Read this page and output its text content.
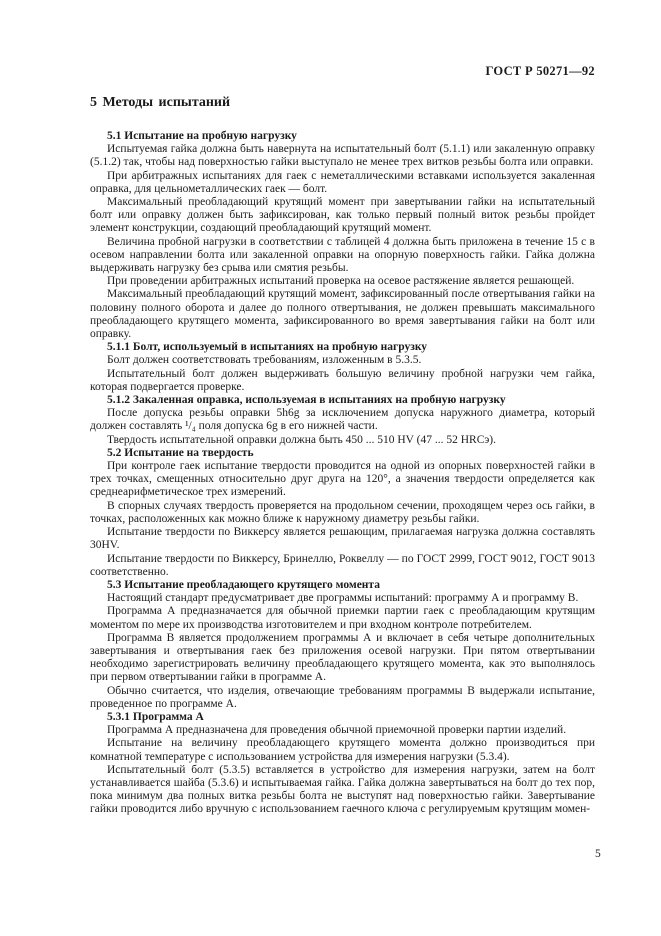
ГОСТ Р 50271—92
5 Методы испытаний

5.1 Испытание на пробную нагрузку

Испытуемая гайка должна быть навернута на испытательный болт (5.1.1) или закаленную оправку (5.1.2) так, чтобы над поверхностью гайки выступало не менее трех витков резьбы болта или оправки.

При арбитражных испытаниях для гаек с неметаллическими вставками используется закаленная оправка, для цельнометаллических гаек — болт.

Максимальный преобладающий крутящий момент при завертывании гайки на испытательный болт или оправку должен быть зафиксирован, как только первый полный виток резьбы пройдет элемент конструкции, создающий преобладающий крутящий момент.

Величина пробной нагрузки в соответствии с таблицей 4 должна быть приложена в течение 15 с в осевом направлении болта или закаленной оправки на опорную поверхность гайки. Гайка должна выдерживать нагрузку без срыва или смятия резьбы.

При проведении арбитражных испытаний проверка на осевое растяжение является решающей.

Максимальный преобладающий крутящий момент, зафиксированный после отвертывания гайки на половину полного оборота и далее до полного отвертывания, не должен превышать максимального преобладающего крутящего момента, зафиксированного во время завертывания гайки на болт или оправку.

5.1.1 Болт, используемый в испытаниях на пробную нагрузку

Болт должен соответствовать требованиям, изложенным в 5.3.5.

Испытательный болт должен выдерживать большую величину пробной нагрузки чем гайка, которая подвергается проверке.

5.1.2 Закаленная оправка, используемая в испытаниях на пробную нагрузку

После допуска резьбы оправки 5h6g за исключением допуска наружного диаметра, который должен составлять ¹/₄ поля допуска 6g в его нижней части.

Твердость испытательной оправки должна быть 450 ... 510 HV (47 ... 52 HRCэ).

5.2 Испытание на твердость

При контроле гаек испытание твердости проводится на одной из опорных поверхностей гайки в трех точках, смещенных относительно друг друга на 120°, а значения твердости определяется как среднеарифметическое трех измерений.

В спорных случаях твердость проверяется на продольном сечении, проходящем через ось гайки, в точках, расположенных как можно ближе к наружному диаметру резьбы гайки.

Испытание твердости по Виккерсу является решающим, прилагаемая нагрузка должна составлять 30HV.

Испытание твердости по Виккерсу, Бринеллю, Роквеллу — по ГОСТ 2999, ГОСТ 9012, ГОСТ 9013 соответственно.

5.3 Испытание преобладающего крутящего момента

Настоящий стандарт предусматривает две программы испытаний: программу А и программу В.

Программа А предназначается для обычной приемки партии гаек с преобладающим крутящим моментом по мере их производства изготовителем и при входном контроле потребителем.

Программа В является продолжением программы А и включает в себя четыре дополнительных завертывания и отвертывания гаек без приложения осевой нагрузки. При пятом отвертывании необходимо зарегистрировать величину преобладающего крутящего момента, как это выполнялось при первом отвертывании гайки в программе А.

Обычно считается, что изделия, отвечающие требованиям программы В выдержали испытание, проведенное по программе А.

5.3.1 Программа А

Программа А предназначена для проведения обычной приемочной проверки партии изделий.

Испытание на величину преобладающего крутящего момента должно производиться при комнатной температуре с использованием устройства для измерения нагрузки (5.3.4).

Испытательный болт (5.3.5) вставляется в устройство для измерения нагрузки, затем на болт устанавливается шайба (5.3.6) и испытываемая гайка. Гайка должна завертываться на болт до тех пор, пока минимум два полных витка резьбы болта не выступят над поверхностью гайки. Завертывание гайки проводится либо вручную с использованием гаечного ключа с регулируемым крутящим момен-

5
